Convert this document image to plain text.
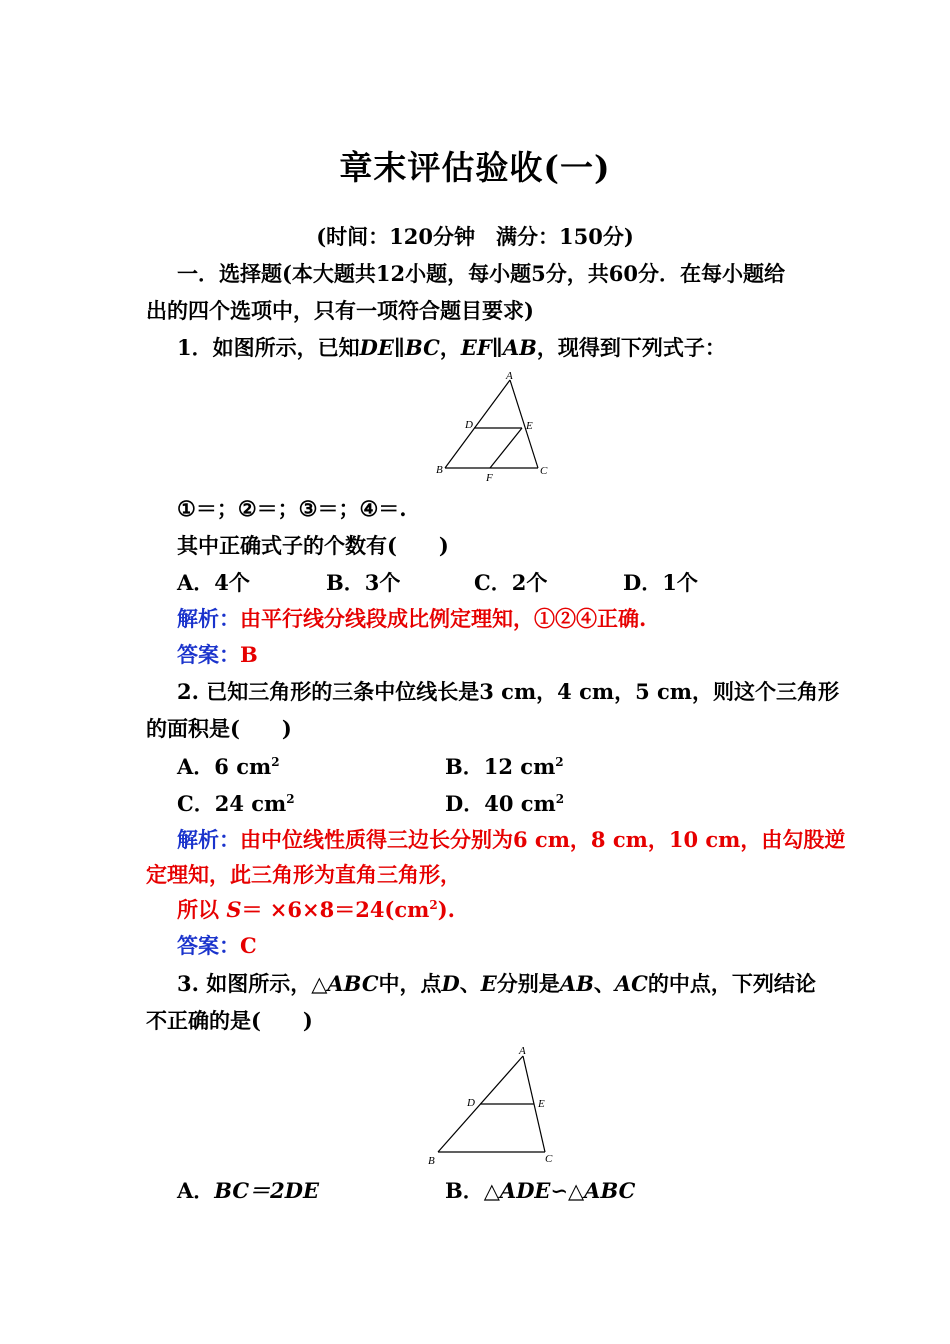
章末评估验收(一)
(时间：120分钟　满分：150分)
一．选择题(本大题共12小题，每小题5分，共60分．在每小题给
出的四个选项中，只有一项符合题目要求)
1．如图所示，已知DE∥BC，EF∥AB，现得到下列式子：
A
B	C
D	E
F
①＝；②＝；③＝；④＝.
其中正确式子的个数有(　　)
A．4个	B．3个	C．2个	D．1个
解析：由平行线分线段成比例定理知，①②④正确.
答案：B
2. 已知三角形的三条中位线长是3 cm，4 cm，5 cm，则这个三角形
的面积是(　　)
A．6 $cm^2$	B．12 $cm^2$
C．24 $cm^2$	D．40 $cm^2$
解析：由中位线性质得三边长分别为6 cm，8 cm，10 cm，由勾股逆
定理知，此三角形为直角三角形，
所以 $S= \times 6\times 8=24(cm^2)$.
答案：C
3. 如图所示，△ABC中，点D、E分别是AB、AC的中点，下列结论
不正确的是(　　)
A
B	C
D	E
A．BC＝2DE	B．△ADE∽△ABC
